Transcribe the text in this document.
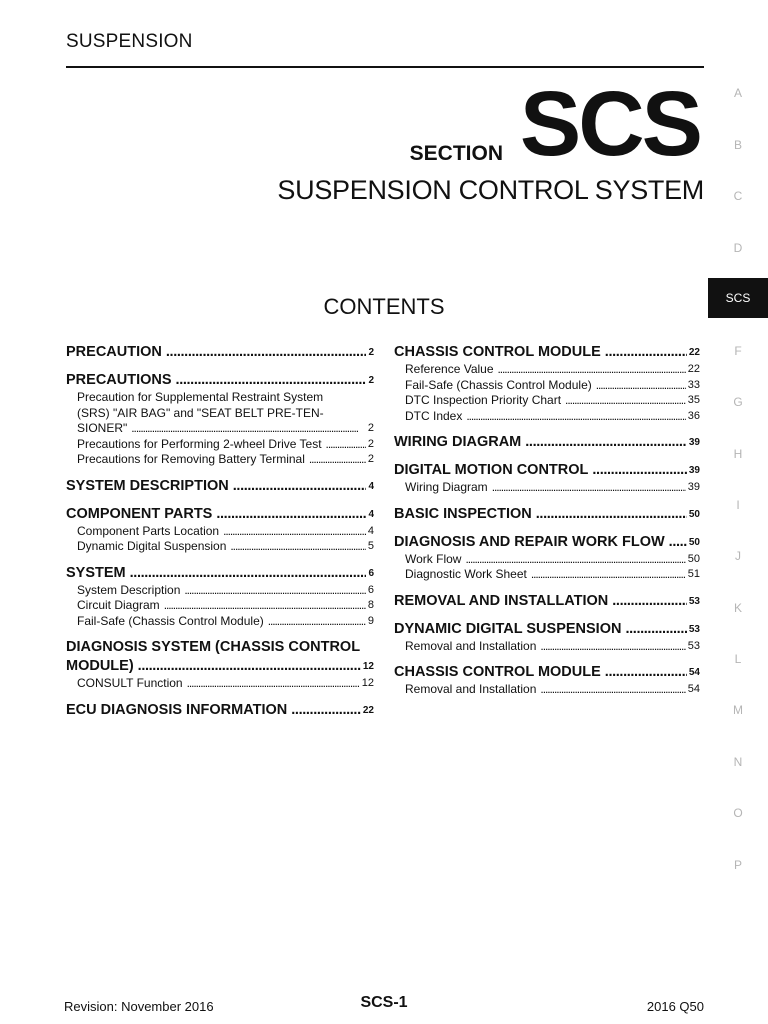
SUSPENSION
SECTION SCS
SUSPENSION CONTROL SYSTEM
CONTENTS
A
B
C
D
SCS
F
G
H
I
J
K
L
M
N
O
P
PRECAUTION . . .	2
PRECAUTIONS . . .	2
Precaution for Supplemental Restraint System
(SRS) "AIR BAG" and "SEAT BELT PRE-TEN-
SIONER" . . .	2
Precautions for Performing 2-wheel Drive Test . . .	2
Precautions for Removing Battery Terminal . . .	2
SYSTEM DESCRIPTION . . .	4
COMPONENT PARTS . . .	4
Component Parts Location . . .	4
Dynamic Digital Suspension . . .	5
SYSTEM . . .	6
System Description . . .	6
Circuit Diagram . . .	8
Fail-Safe (Chassis Control Module) . . .	9
DIAGNOSIS SYSTEM (CHASSIS CONTROL
MODULE) . . .	12
CONSULT Function . . .	12
ECU DIAGNOSIS INFORMATION . . .	22
CHASSIS CONTROL MODULE . . .	22
Reference Value . . .	22
Fail-Safe (Chassis Control Module) . . .	33
DTC Inspection Priority Chart . . .	35
DTC Index . . .	36
WIRING DIAGRAM . . .	39
DIGITAL MOTION CONTROL . . .	39
Wiring Diagram . . .	39
BASIC INSPECTION . . .	50
DIAGNOSIS AND REPAIR WORK FLOW . . . 50
Work Flow . . .	50
Diagnostic Work Sheet . . .	51
REMOVAL AND INSTALLATION . . .	53
DYNAMIC DIGITAL SUSPENSION . . .	53
Removal and Installation . . .	53
CHASSIS CONTROL MODULE . . .	54
Removal and Installation . . .	54
Revision: November 2016	SCS-1	2016 Q50
